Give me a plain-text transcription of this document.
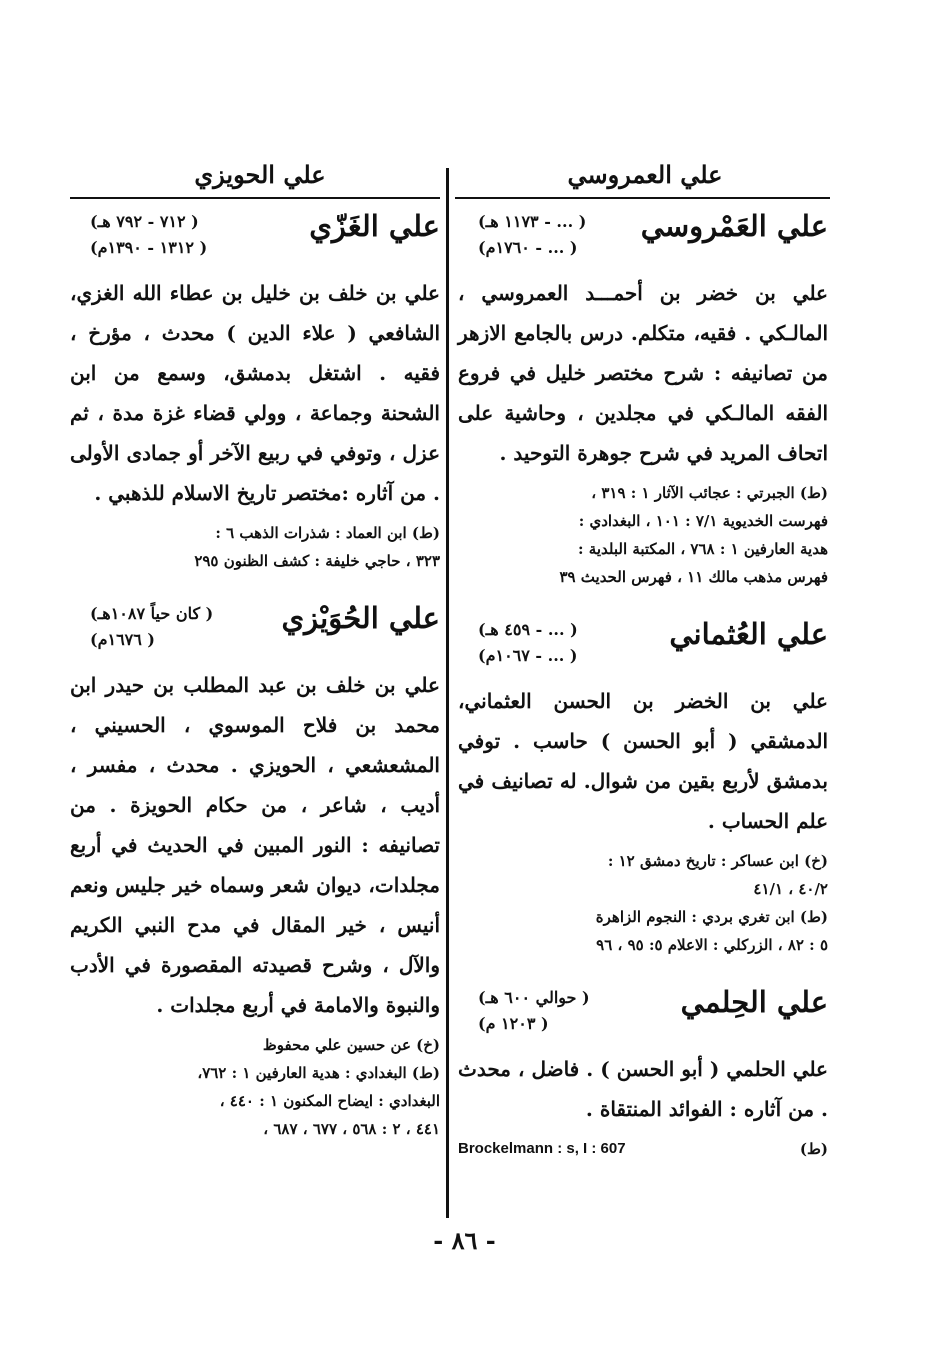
علي الحويزي	علي العمروسي
علي العَمْروسي
( ... - ١١٧٣ هـ)
( ... - ١٧٦٠م)
علي بن خضر بن أحمـــد العمروسي ، المالـكي . فقيه، متكلم. درس بالجامع الازهر من تصانيفه : شرح مختصر خليل في فروع الفقه المالـكي في مجلدين ، وحاشية على اتحاف المريد في شرح جوهرة التوحيد .
(ط) الجبرتي : عجائب الآثار ١ : ٣١٩ ،
فهرست الخديوية ٧/١ : ١٠١ ، البغدادي :
هدية العارفين ١ : ٧٦٨ ، المكتبة البلدية :
فهرس مذهب مالك ١١ ، فهرس الحديث ٣٩
علي العُثماني
( ... - ٤٥٩ هـ)
( ... - ١٠٦٧م)
علي بن الخضر بن الحسن العثماني، الدمشقي ( أبو الحسن ) حاسب . توفي بدمشق لأربع بقين من شوال. له تصانيف في علم الحساب .
(خ) ابن عساكر : تاريخ دمشق ١٢ :
٤٠/٢ ، ٤١/١
(ط) ابن تغري بردي : النجوم الزاهرة
٥ : ٨٢ ، الزركلي : الاعلام ٥: ٩٥ ، ٩٦
علي الحِلمي
( حوالي ٦٠٠ هـ)
( ١٢٠٣ م)
علي الحلمي ( أبو الحسن ) . فاضل ، محدث . من آثاره : الفوائد المنتقاة .
(ط)
Brockelmann : s, I : 607
علي الغَزّي
( ٧١٢ - ٧٩٢ هـ)
( ١٣١٢ - ١٣٩٠م)
علي بن خلف بن خليل بن عطاء الله الغزي، الشافعي ( علاء الدين ) محدث ، مؤرخ ، فقيه . اشتغل بدمشق، وسمع من ابن الشحنة وجماعة ، وولي قضاء غزة مدة ، ثم عزل ، وتوفي في ربيع الآخر أو جمادى الأولى . من آثاره :مختصر تاريخ الاسلام للذهبي .
(ط) ابن العماد : شذرات الذهب ٦ :
٣٢٣ ، حاجي خليفة : كشف الظنون ٢٩٥
علي الحُوَيْزي
( كان حياً ١٠٨٧هـ)
( ١٦٧٦م)
علي بن خلف بن عبد المطلب بن حيدر ابن محمد بن فلاح الموسوي ، الحسيني ، المشعشعي ، الحويزي . محدث ، مفسر ، أديب ، شاعر ، من حكام الحويزة . من تصانيفه : النور المبين في الحديث في أربع مجلدات، ديوان شعر وسماه خير جليس ونعم أنيس ، خير المقال في مدح النبي الكريم والآل ، وشرح قصيدته المقصورة في الأدب والنبوة والامامة في أربع مجلدات .
(خ) عن حسين علي محفوظ
(ط) البغدادي : هدية العارفين ١ : ٧٦٢،
البغدادي : ايضاح المكنون ١ : ٤٤٠ ،
٤٤١ ، ٢ : ٥٦٨ ، ٦٧٧ ، ٦٨٧ ،
- ٨٦ -
